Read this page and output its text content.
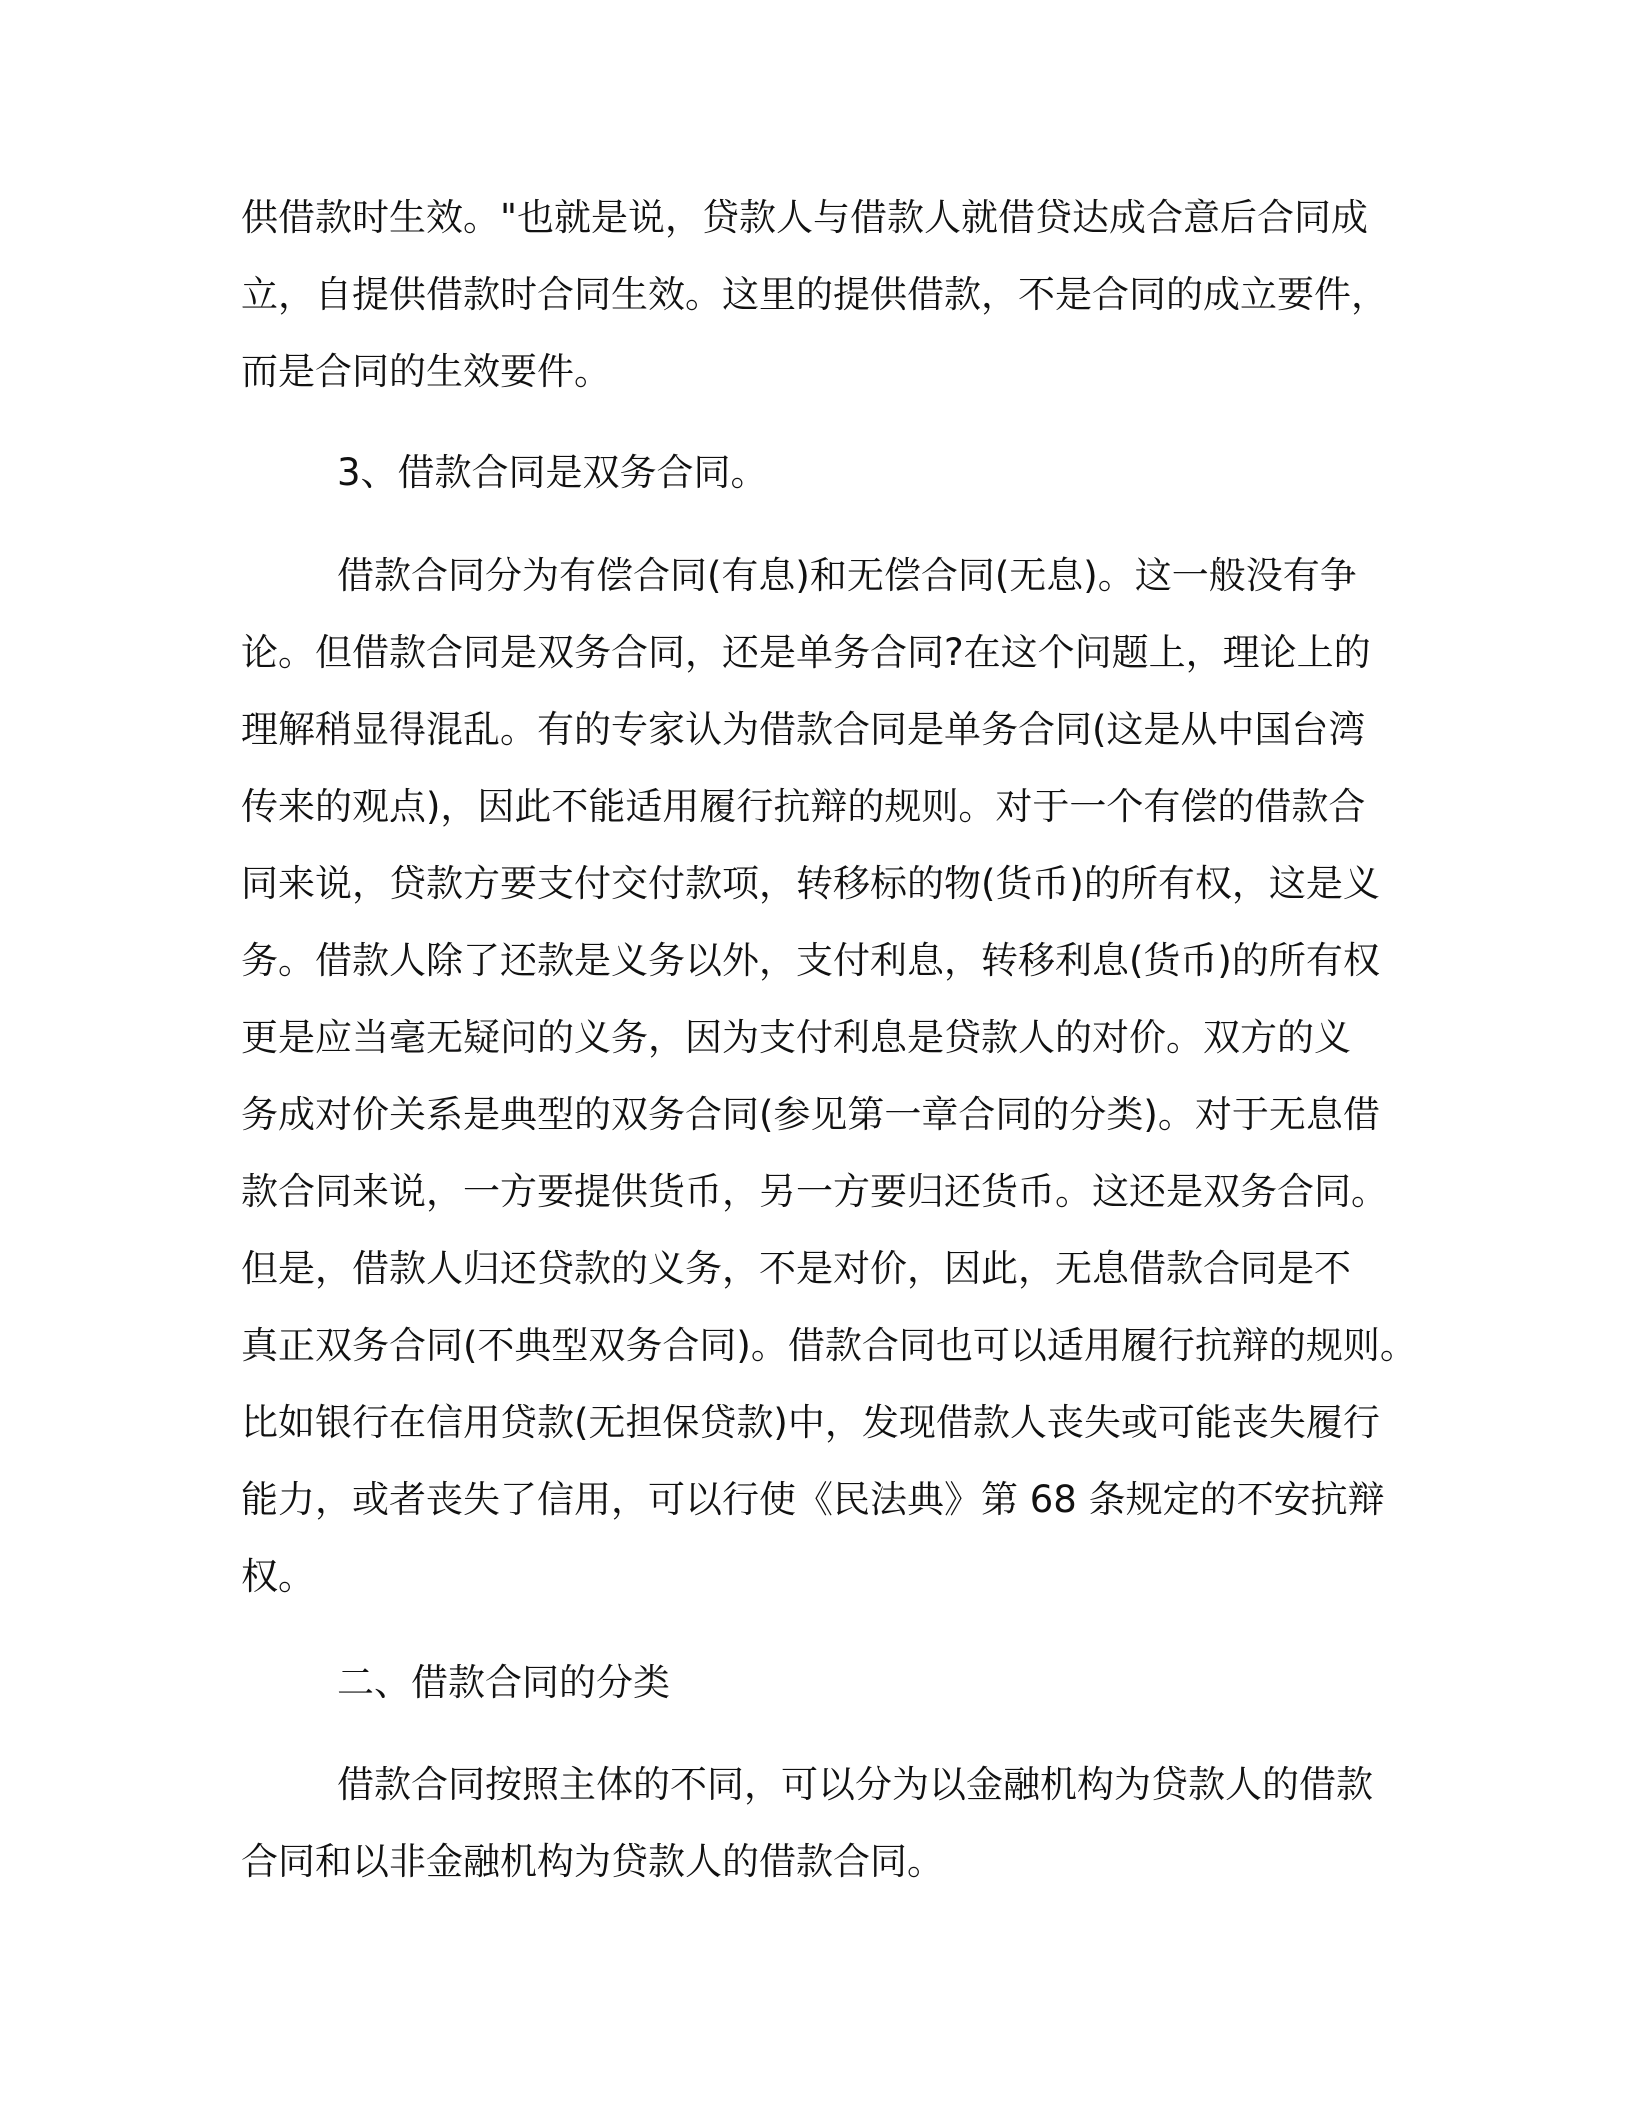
供借款时生效。"也就是说，贷款人与借款人就借贷达成合意后合同成
立，自提供借款时合同生效。这里的提供借款，不是合同的成立要件，
而是合同的生效要件。
3、借款合同是双务合同。
借款合同分为有偿合同(有息)和无偿合同(无息)。这一般没有争
论。但借款合同是双务合同，还是单务合同?在这个问题上，理论上的
理解稍显得混乱。有的专家认为借款合同是单务合同(这是从中国台湾
传来的观点)，因此不能适用履行抗辩的规则。对于一个有偿的借款合
同来说，贷款方要支付交付款项，转移标的物(货币)的所有权，这是义
务。借款人除了还款是义务以外，支付利息，转移利息(货币)的所有权
更是应当毫无疑问的义务，因为支付利息是贷款人的对价。双方的义
务成对价关系是典型的双务合同(参见第一章合同的分类)。对于无息借
款合同来说，一方要提供货币，另一方要归还货币。这还是双务合同。
但是，借款人归还贷款的义务，不是对价，因此，无息借款合同是不
真正双务合同(不典型双务合同)。借款合同也可以适用履行抗辩的规则。
比如银行在信用贷款(无担保贷款)中，发现借款人丧失或可能丧失履行
能力，或者丧失了信用，可以行使《民法典》第 68 条规定的不安抗辩
权。
二、借款合同的分类
借款合同按照主体的不同，可以分为以金融机构为贷款人的借款
合同和以非金融机构为贷款人的借款合同。
